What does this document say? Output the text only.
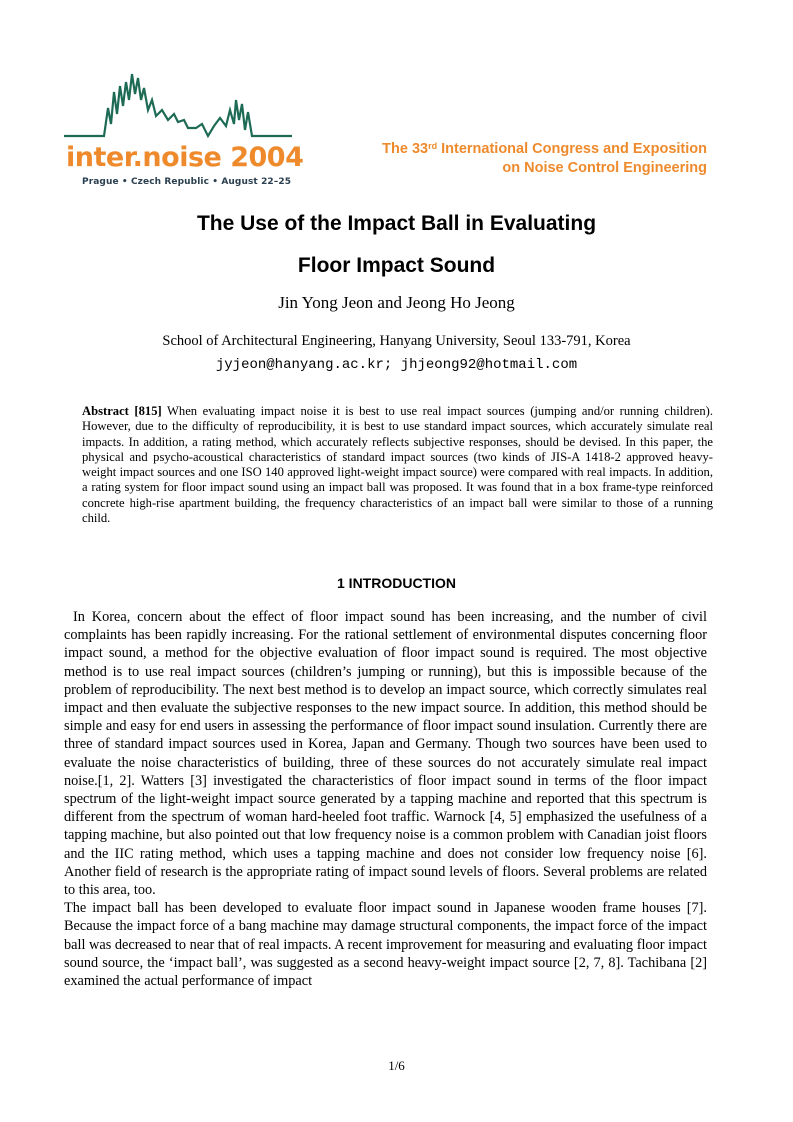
inter.noise 2004
Prague • Czech Republic • August 22–25
The 33rd International Congress and Exposition
on Noise Control Engineering
The Use of the Impact Ball in Evaluating
Floor Impact Sound
Jin Yong Jeon and Jeong Ho Jeong
School of Architectural Engineering, Hanyang University, Seoul 133-791, Korea
jyjeon@hanyang.ac.kr; jhjeong92@hotmail.com
Abstract [815] When evaluating impact noise it is best to use real impact sources (jumping and/or running children). However, due to the difficulty of reproducibility, it is best to use standard impact sources, which accurately simulate real impacts. In addition, a rating method, which accurately reflects subjective responses, should be devised. In this paper, the physical and psycho-acoustical characteristics of standard impact sources (two kinds of JIS-A 1418-2 approved heavy-weight impact sources and one ISO 140 approved light-weight impact source) were compared with real impacts. In addition, a rating system for floor impact sound using an impact ball was proposed. It was found that in a box frame-type reinforced concrete high-rise apartment building, the frequency characteristics of an impact ball were similar to those of a running child.
1 INTRODUCTION

In Korea, concern about the effect of floor impact sound has been increasing, and the number of civil complaints has been rapidly increasing. For the rational settlement of environmental disputes concerning floor impact sound, a method for the objective evaluation of floor impact sound is required. The most objective method is to use real impact sources (children’s jumping or running), but this is impossible because of the problem of reproducibility. The next best method is to develop an impact source, which correctly simulates real impact and then evaluate the subjective responses to the new impact source. In addition, this method should be simple and easy for end users in assessing the performance of floor impact sound insulation. Currently there are three of standard impact sources used in Korea, Japan and Germany. Though two sources have been used to evaluate the noise characteristics of building, three of these sources do not accurately simulate real impact noise.[1, 2]. Watters [3] investigated the characteristics of floor impact sound in terms of the floor impact spectrum of the light-weight impact source generated by a tapping machine and reported that this spectrum is different from the spectrum of woman hard-heeled foot traffic. Warnock [4, 5] emphasized the usefulness of a tapping machine, but also pointed out that low frequency noise is a common problem with Canadian joist floors and the IIC rating method, which uses a tapping machine and does not consider low frequency noise [6]. Another field of research is the appropriate rating of impact sound levels of floors. Several problems are related to this area, too.

The impact ball has been developed to evaluate floor impact sound in Japanese wooden frame houses [7]. Because the impact force of a bang machine may damage structural components, the impact force of the impact ball was decreased to near that of real impacts. A recent improvement for measuring and evaluating floor impact sound source, the ‘impact ball’, was suggested as a second heavy-weight impact source [2, 7, 8]. Tachibana [2] examined the actual performance of impact

1/6
